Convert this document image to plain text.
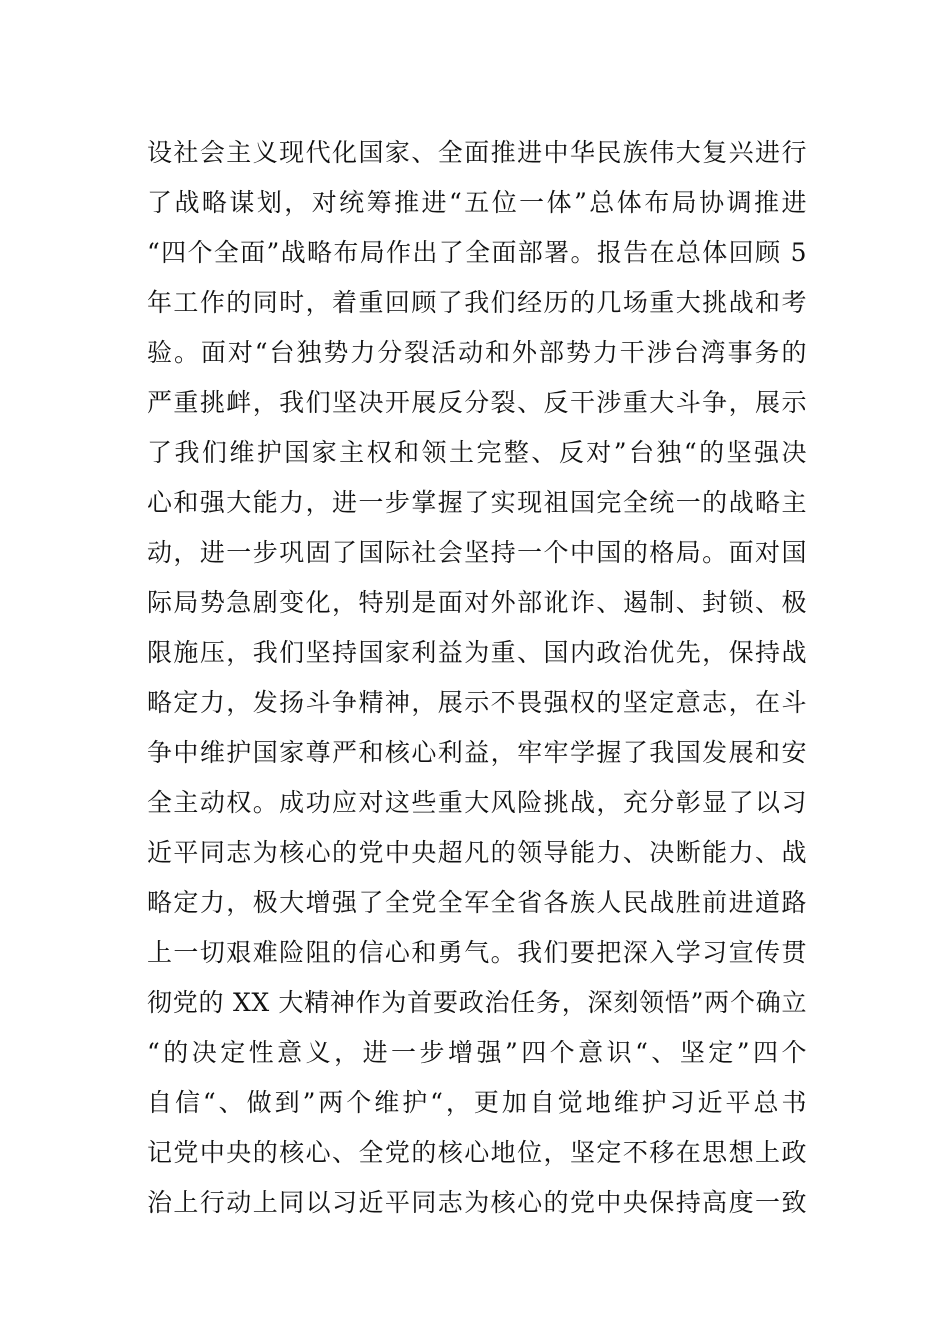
设社会主义现代化国家、全面推进中华民族伟大复兴进行
了战略谋划，对统筹推进“五位一体”总体布局协调推进
“四个全面”战略布局作出了全面部署。报告在总体回顾 5
年工作的同时，着重回顾了我们经历的几场重大挑战和考
验。面对“台独势力分裂活动和外部势力干涉台湾事务的
严重挑衅，我们坚决开展反分裂、反干涉重大斗争，展示
了我们维护国家主权和领土完整、反对”台独“的坚强决
心和强大能力，进一步掌握了实现祖国完全统一的战略主
动，进一步巩固了国际社会坚持一个中国的格局。面对国
际局势急剧变化，特别是面对外部讹诈、遏制、封锁、极
限施压，我们坚持国家利益为重、国内政治优先，保持战
略定力，发扬斗争精神，展示不畏强权的坚定意志，在斗
争中维护国家尊严和核心利益，牢牢学握了我国发展和安
全主动权。成功应对这些重大风险挑战，充分彰显了以习
近平同志为核心的党中央超凡的领导能力、决断能力、战
略定力，极大增强了全党全军全省各族人民战胜前进道路
上一切艰难险阻的信心和勇气。我们要把深入学习宣传贯
彻党的 XX 大精神作为首要政治任务，深刻领悟”两个确立
“的决定性意义，进一步增强”四个意识“、坚定”四个
自信“、做到”两个维护“，更加自觉地维护习近平总书
记党中央的核心、全党的核心地位，坚定不移在思想上政
治上行动上同以习近平同志为核心的党中央保持高度一致
